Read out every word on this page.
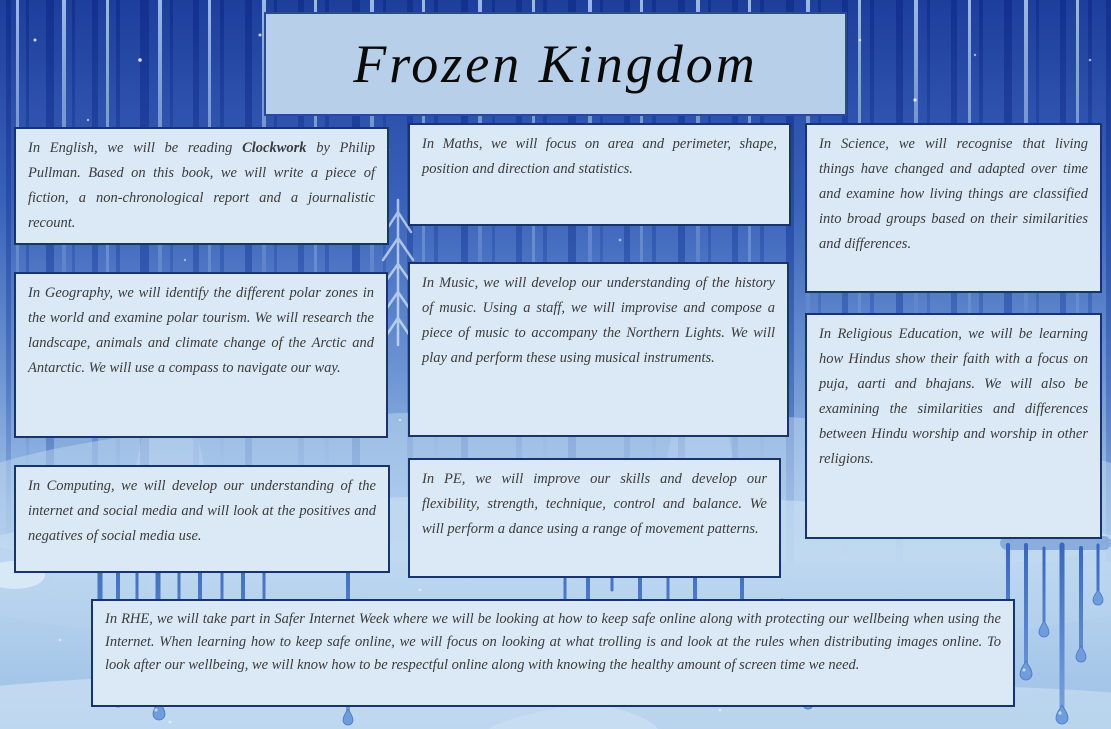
Frozen Kingdom

In English, we will be reading Clockwork by Philip Pullman. Based on this book, we will write a piece of fiction, a non-chronological report and a journalistic recount.

In Maths, we will focus on area and perimeter, shape, position and direction and statistics.

In Science, we will recognise that living things have changed and adapted over time and examine how living things are classified into broad groups based on their similarities and differences.

In Geography, we will identify the different polar zones in the world and examine polar tourism. We will research the landscape, animals and climate change of the Arctic and Antarctic. We will use a compass to navigate our way.

In Music, we will develop our understanding of the history of music. Using a staff, we will improvise and compose a piece of music to accompany the Northern Lights. We will play and perform these using musical instruments.

In Religious Education, we will be learning how Hindus show their faith with a focus on puja, aarti and bhajans. We will also be examining the similarities and differences between Hindu worship and worship in other religions.

In Computing, we will develop our understanding of the internet and social media and will look at the positives and negatives of social media use.

In PE, we will improve our skills and develop our flexibility, strength, technique, control and balance. We will perform a dance using a range of movement patterns.

In RHE, we will take part in Safer Internet Week where we will be looking at how to keep safe online along with protecting our wellbeing when using the Internet. When learning how to keep safe online, we will focus on looking at what trolling is and look at the rules when distributing images online. To look after our wellbeing, we will know how to be respectful online along with knowing the healthy amount of screen time we need.
